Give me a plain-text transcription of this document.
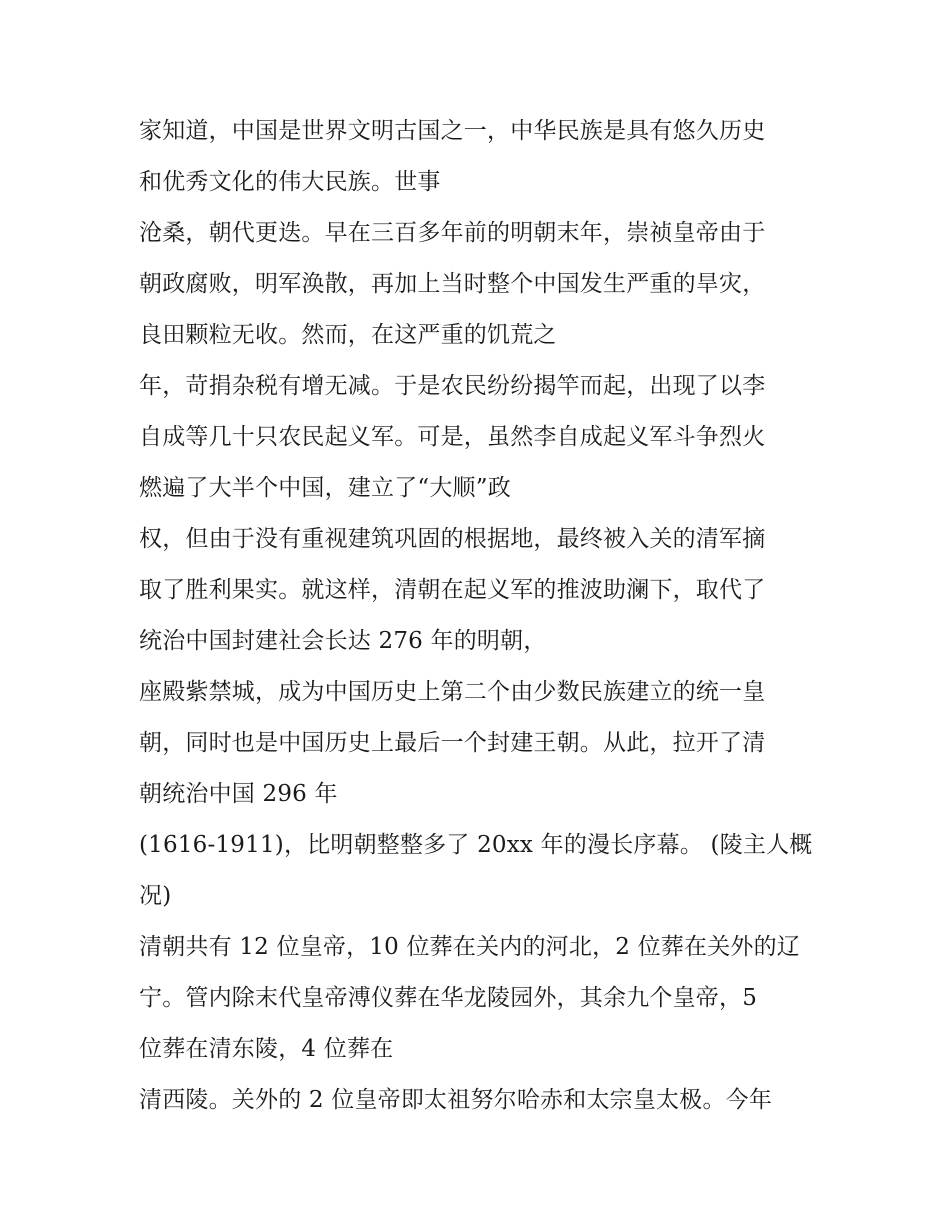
家知道，中国是世界文明古国之一，中华民族是具有悠久历史
和优秀文化的伟大民族。世事
沧桑，朝代更迭。早在三百多年前的明朝末年，崇祯皇帝由于
朝政腐败，明军涣散，再加上当时整个中国发生严重的旱灾，
良田颗粒无收。然而，在这严重的饥荒之
年，苛捐杂税有增无减。于是农民纷纷揭竿而起，出现了以李
自成等几十只农民起义军。可是，虽然李自成起义军斗争烈火
燃遍了大半个中国，建立了“大顺”政
权，但由于没有重视建筑巩固的根据地，最终被入关的清军摘
取了胜利果实。就这样，清朝在起义军的推波助澜下，取代了
统治中国封建社会长达 276 年的明朝，
座殿紫禁城，成为中国历史上第二个由少数民族建立的统一皇
朝，同时也是中国历史上最后一个封建王朝。从此，拉开了清
朝统治中国 296 年
(1616-1911)，比明朝整整多了 20xx 年的漫长序幕。 (陵主人概
况)
清朝共有 12 位皇帝，10 位葬在关内的河北，2 位葬在关外的辽
宁。管内除末代皇帝溥仪葬在华龙陵园外，其余九个皇帝，5
位葬在清东陵，4 位葬在
清西陵。关外的 2 位皇帝即太祖努尔哈赤和太宗皇太极。今年
